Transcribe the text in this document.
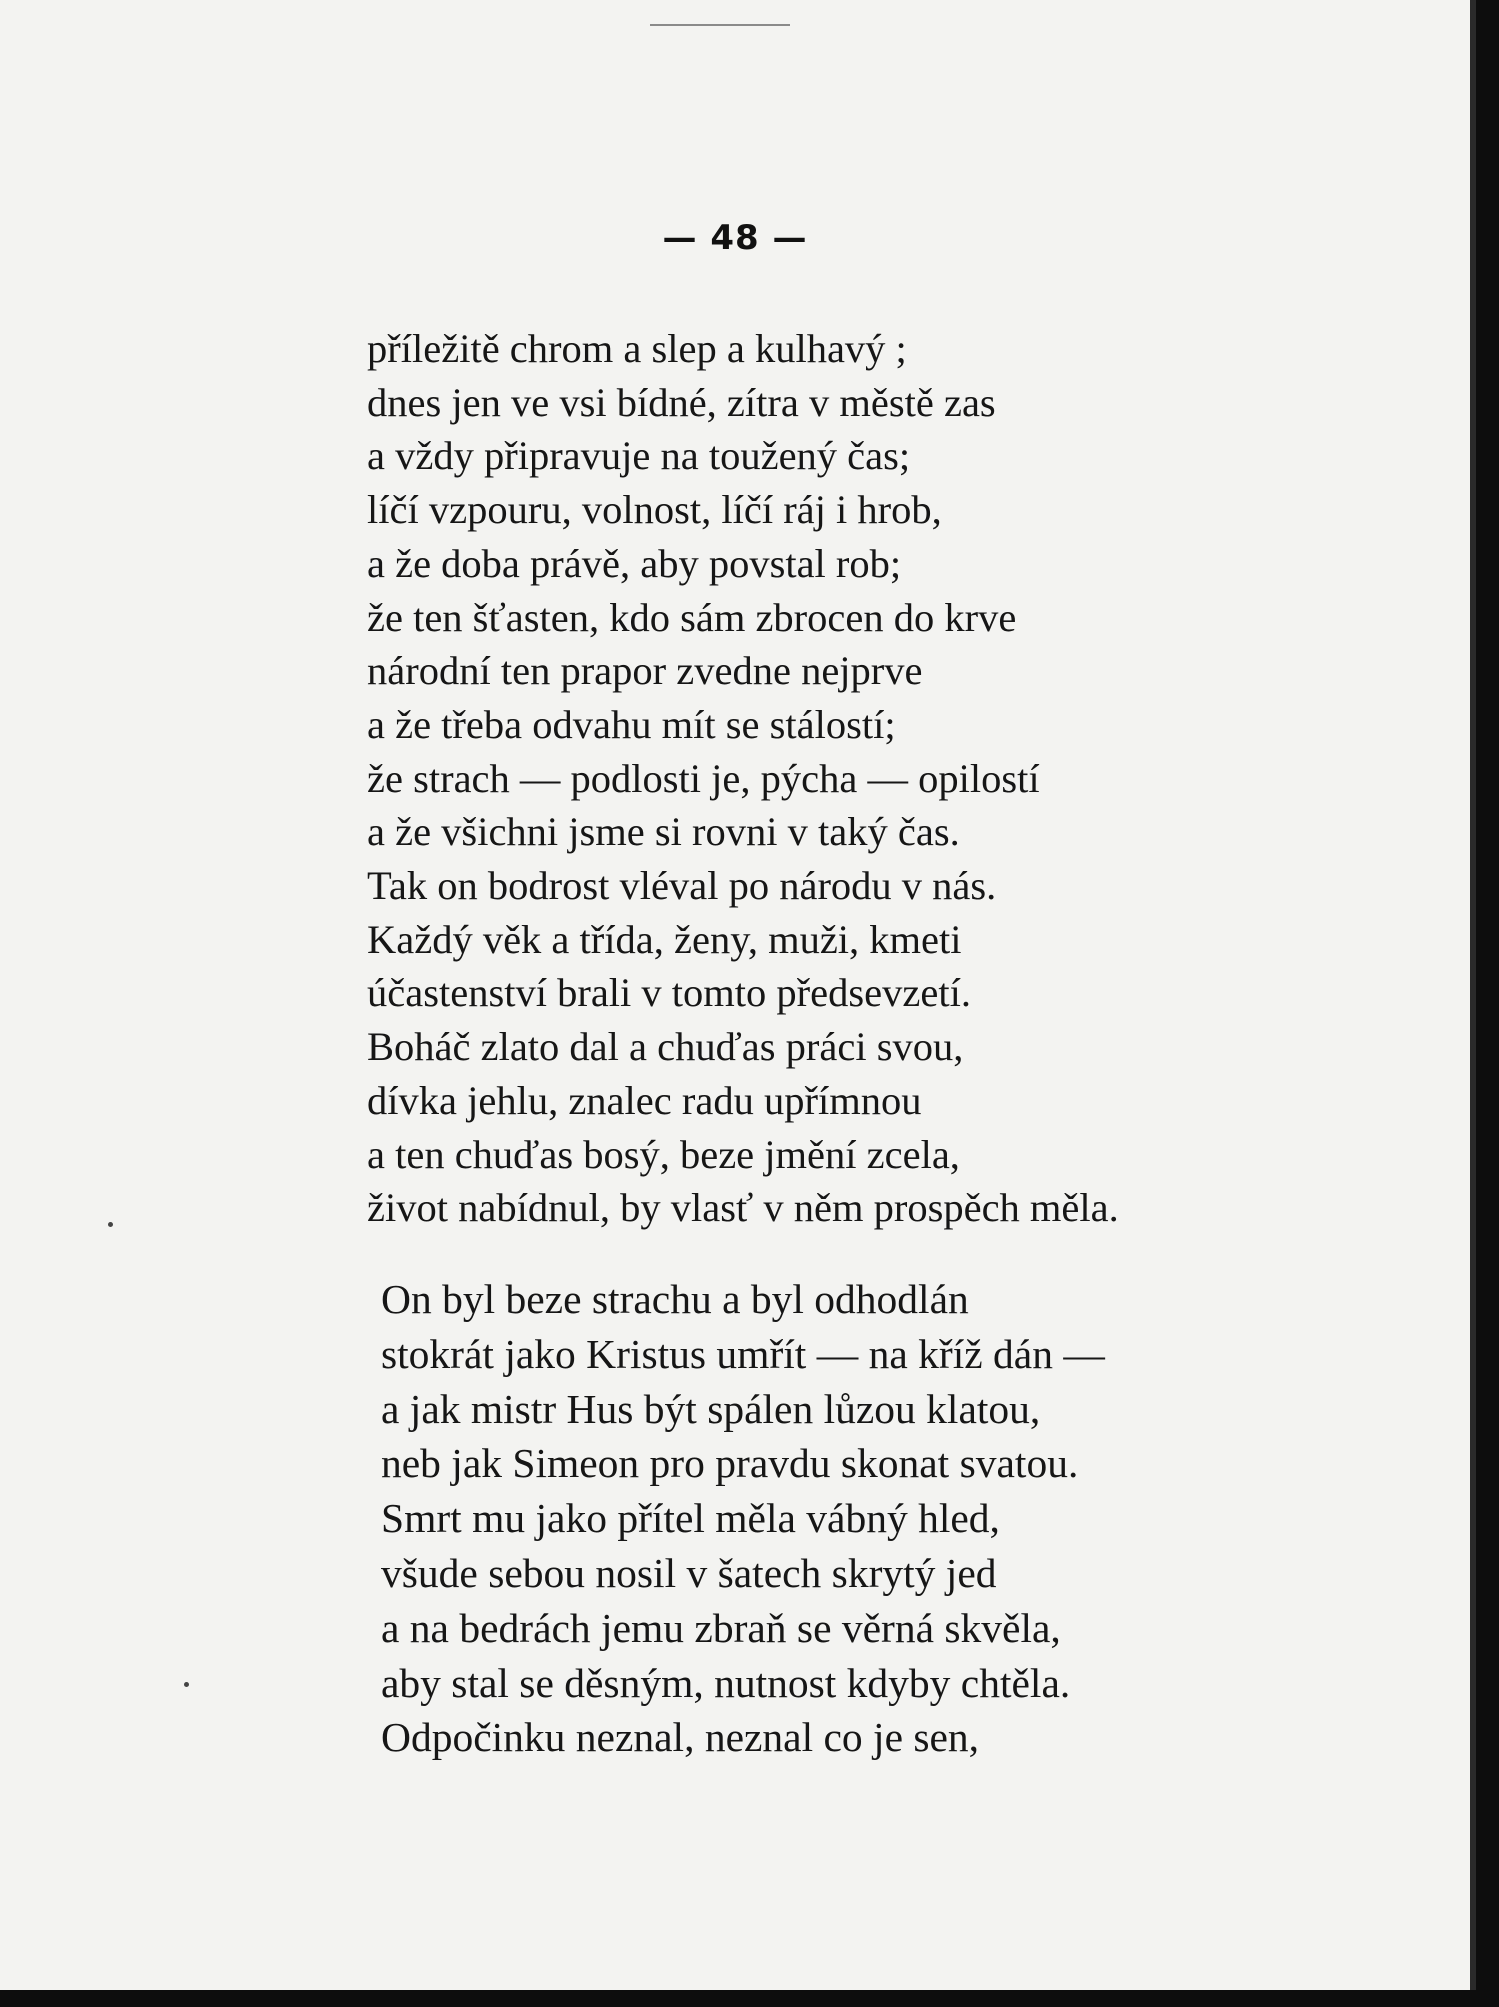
— 48 —
příležitě chrom a slep a kulhavý ;
dnes jen ve vsi bídné, zítra v městě zas
a vždy připravuje na toužený čas;
líčí vzpouru, volnost, líčí ráj i hrob,
a že doba právě, aby povstal rob;
že ten šťasten, kdo sám zbrocen do krve
národní ten prapor zvedne nejprve
a že třeba odvahu mít se stálostí;
že strach — podlosti je, pýcha — opilostí
a že všichni jsme si rovni v taký čas.
Tak on bodrost vléval po národu v nás.
Každý věk a třída, ženy, muži, kmeti
účastenství brali v tomto předsevzetí.
Boháč zlato dal a chuďas práci svou,
dívka jehlu, znalec radu upřímnou
a ten chuďas bosý, beze jmění zcela,
život nabídnul, by vlasť v něm prospěch měla.
On byl beze strachu a byl odhodlán
stokrát jako Kristus umřít — na kříž dán —
a jak mistr Hus být spálen lůzou klatou,
neb jak Simeon pro pravdu skonat svatou.
Smrt mu jako přítel měla vábný hled,
všude sebou nosil v šatech skrytý jed
a na bedrách jemu zbraň se věrná skvěla,
aby stal se děsným, nutnost kdyby chtěla.
Odpočinku neznal, neznal co je sen,
